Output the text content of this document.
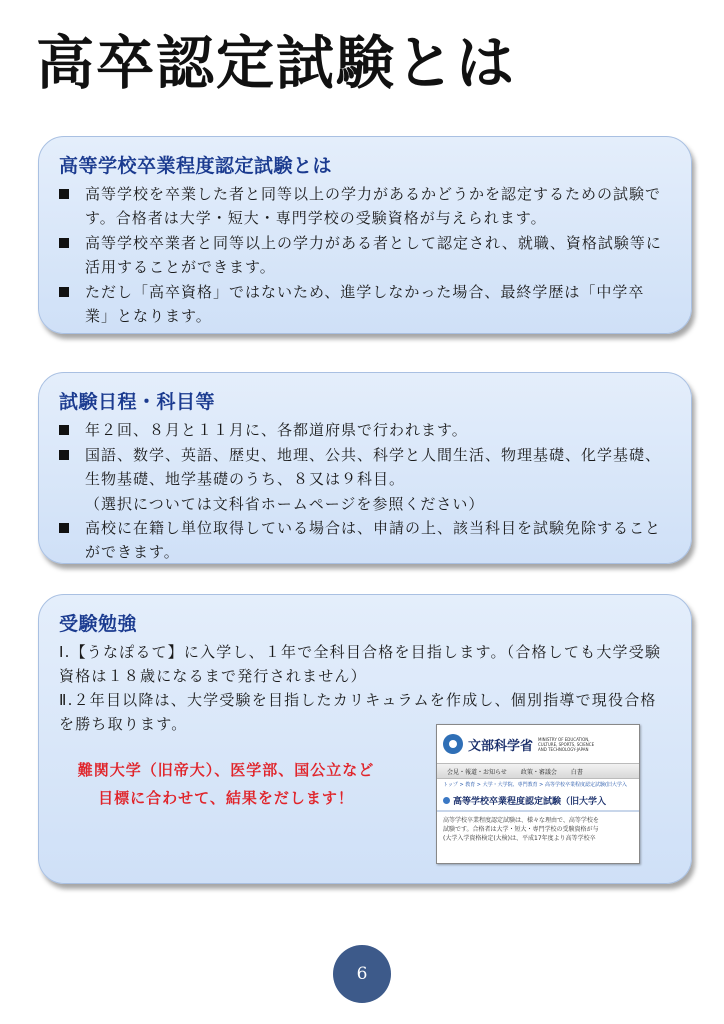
高卒認定試験とは
高等学校卒業程度認定試験とは
高等学校を卒業した者と同等以上の学力があるかどうかを認定するための試験です。合格者は大学・短大・専門学校の受験資格が与えられます。
高等学校卒業者と同等以上の学力がある者として認定され、就職、資格試験等に活用することができます。
ただし「高卒資格」ではないため、進学しなかった場合、最終学歴は「中学卒業」となります。
試験日程・科目等
年２回、８月と１１月に、各都道府県で行われます。
国語、数学、英語、歴史、地理、公共、科学と人間生活、物理基礎、化学基礎、生物基礎、地学基礎のうち、８又は９科目。
（選択については文科省ホームページを参照ください）
高校に在籍し単位取得している場合は、申請の上、該当科目を試験免除することができます。
受験勉強

Ⅰ.【うなぽるて】に入学し、１年で全科目合格を目指します。（合格しても大学受験資格は１８歳になるまで発行されません）

Ⅱ.２年目以降は、大学受験を目指したカリキュラムを作成し、個別指導で現役合格を勝ち取ります。

難関大学（旧帝大）、医学部、国公立など
目標に合わせて、結果をだします！
文部科学省 MINISTRY OF EDUCATION, CULTURE, SPORTS, SCIENCE AND TECHNOLOGY-JAPAN
会見・報道・お知らせ 政策・審議会 白書
トップ > 教育 > 大学・大学院、専門教育 > 高等学校卒業程度認定試験(旧大学入
高等学校卒業程度認定試験（旧大学入
高等学校卒業程度認定試験は、様々な理由で、高等学校を
試験です。合格者は大学・短大・専門学校の受験資格が与
(大学入学資格検定(大検)は、平成17年度より高等学校卒
6
